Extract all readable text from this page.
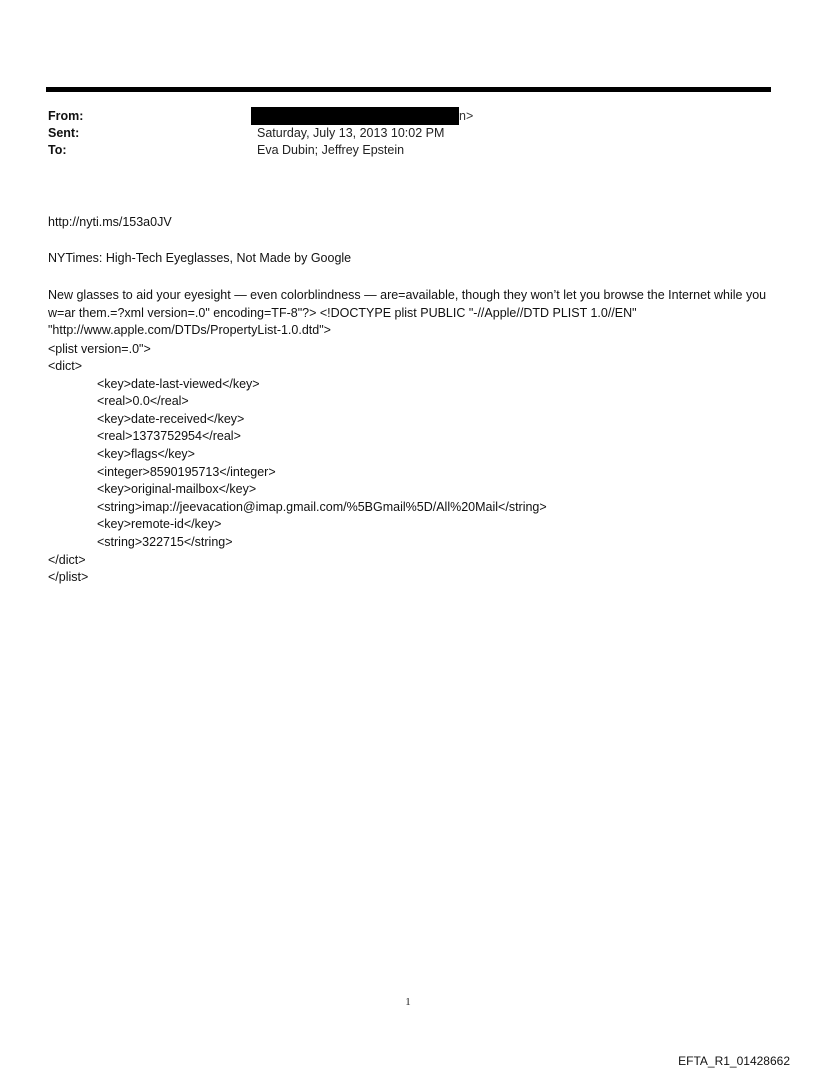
From:	n>
Sent:	Saturday, July 13, 2013 10:02 PM
To:	Eva Dubin; Jeffrey Epstein
http://nyti.ms/153a0JV
NYTimes: High-Tech Eyeglasses, Not Made by Google
New glasses to aid your eyesight — even colorblindness — are=available, though they won’t let you browse the Internet while you w=ar them.=?xml version=.0" encoding=TF-8"?> <!DOCTYPE plist PUBLIC "-//Apple//DTD PLIST 1.0//EN" "http://www.apple.com/DTDs/PropertyList-1.0.dtd">
<plist version=.0">
<dict>
<key>date-last-viewed</key>
<real>0.0</real>
<key>date-received</key>
<real>1373752954</real>
<key>flags</key>
<integer>8590195713</integer>
<key>original-mailbox</key>
<string>imap://jeevacation@imap.gmail.com/%5BGmail%5D/All%20Mail</string>
<key>remote-id</key>
<string>322715</string>
</dict>
</plist>
1
EFTA_R1_01428662
